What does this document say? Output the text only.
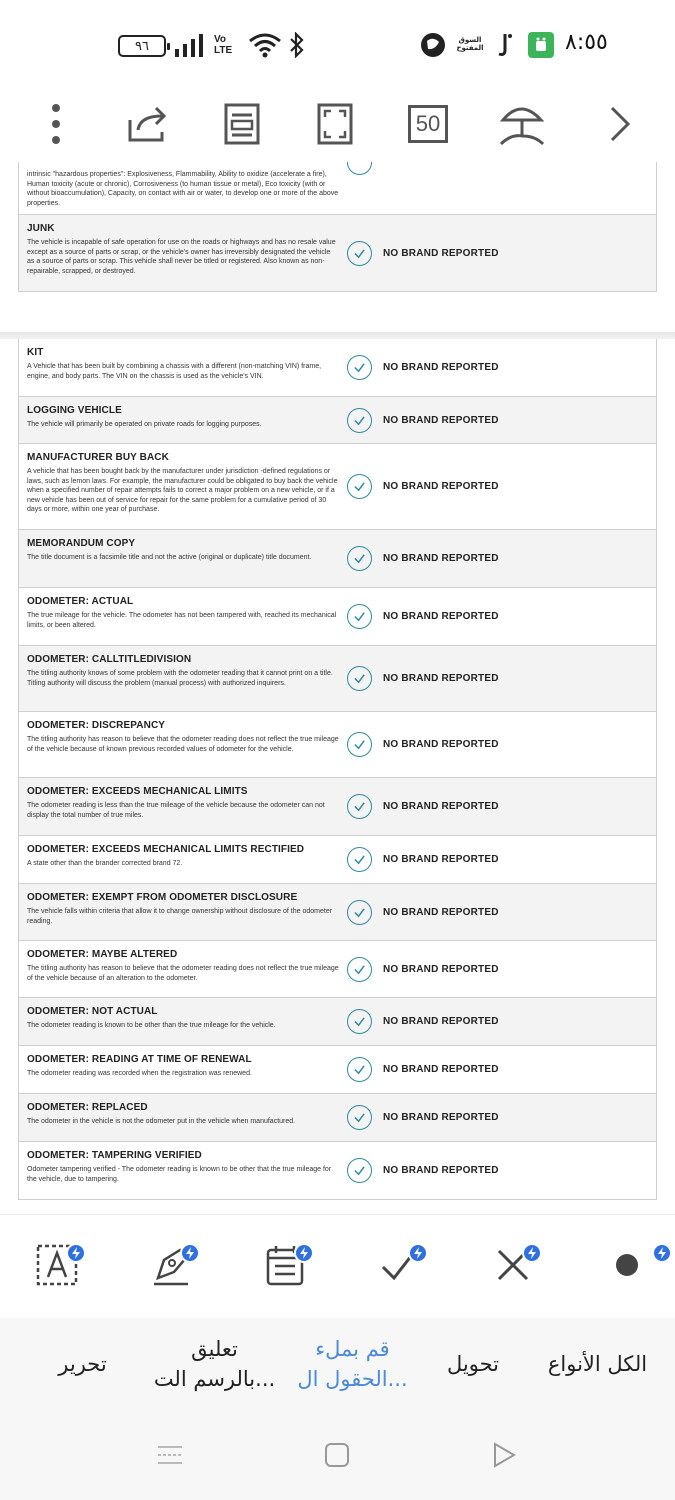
٩٦	Vo LTE
السوق المفتوح	٨:٥٥
50
intrinsic "hazardous properties": Explosiveness, Flammability, Ability to oxidize (accelerate a fire), Human toxicity (acute or chronic), Corrosiveness (to human tissue or metal), Eco toxicity (with or without bioaccumulation), Capacity, on contact with air or water, to develop one or more of the above properties.
JUNK
The vehicle is incapable of safe operation for use on the roads or highways and has no resale value except as a source of parts or scrap, or the vehicle's owner has irreversibly designated the vehicle as a source of parts or scrap. This vehicle shall never be titled or registered. Also known as non-repairable, scrapped, or destroyed.
NO BRAND REPORTED
KIT
A Vehicle that has been built by combining a chassis with a different (non-matching VIN) frame, engine, and body parts. The VIN on the chassis is used as the vehicle's VIN.
NO BRAND REPORTED
LOGGING VEHICLE
The vehicle will primarily be operated on private roads for logging purposes.	NO BRAND REPORTED
MANUFACTURER BUY BACK
A vehicle that has been bought back by the manufacturer under jurisdiction -defined regulations or laws, such as lemon laws. For example, the manufacturer could be obligated to buy back the vehicle when a specified number of repair attempts fails to correct a major problem on a new vehicle, or if a new vehicle has been out of service for repair for the same problem for a cumulative period of 30 days or more, within one year of purchase.
NO BRAND REPORTED
MEMORANDUM COPY
The title document is a facsimile title and not the active (original or duplicate) title document.	NO BRAND REPORTED
ODOMETER: ACTUAL
The true mileage for the vehicle. The odometer has not been tampered with, reached its mechanical limits, or been altered.
NO BRAND REPORTED
ODOMETER: CALLTITLEDIVISION
The titling authority knows of some problem with the odometer reading that it cannot print on a title. Titling authority will discuss the problem (manual process) with authorized inquirers.	NO BRAND REPORTED
ODOMETER: DISCREPANCY
The titling authority has reason to believe that the odometer reading does not reflect the true mileage of the vehicle because of known previous recorded values of odometer for the vehicle.	NO BRAND REPORTED
ODOMETER: EXCEEDS MECHANICAL LIMITS
The odometer reading is less than the true mileage of the vehicle because the odometer can not display the total number of true miles.
NO BRAND REPORTED
ODOMETER: EXCEEDS MECHANICAL LIMITS RECTIFIED
A state other than the brander corrected brand 72.	NO BRAND REPORTED
ODOMETER: EXEMPT FROM ODOMETER DISCLOSURE
The vehicle falls within criteria that allow it to change ownership without disclosure of the odometer reading.
NO BRAND REPORTED
ODOMETER: MAYBE ALTERED
The titling authority has reason to believe that the odometer reading does not reflect the true mileage of the vehicle because of an alteration to the odometer.
NO BRAND REPORTED
ODOMETER: NOT ACTUAL
The odometer reading is known to be other than the true mileage for the vehicle.	NO BRAND REPORTED
ODOMETER: READING AT TIME OF RENEWAL
The odometer reading was recorded when the registration was renewed.	NO BRAND REPORTED
ODOMETER: REPLACED
The odometer in the vehicle is not the odometer put in the vehicle when manufactured.	NO BRAND REPORTED
ODOMETER: TAMPERING VERIFIED
Odometer tampering verified - The odometer reading is known to be other that the true mileage for the vehicle, due to tampering.
NO BRAND REPORTED
الكل الأنواع
تحويل
قم بملء
الحقول ال...
تعليق
بالرسم الت...
تحرير
